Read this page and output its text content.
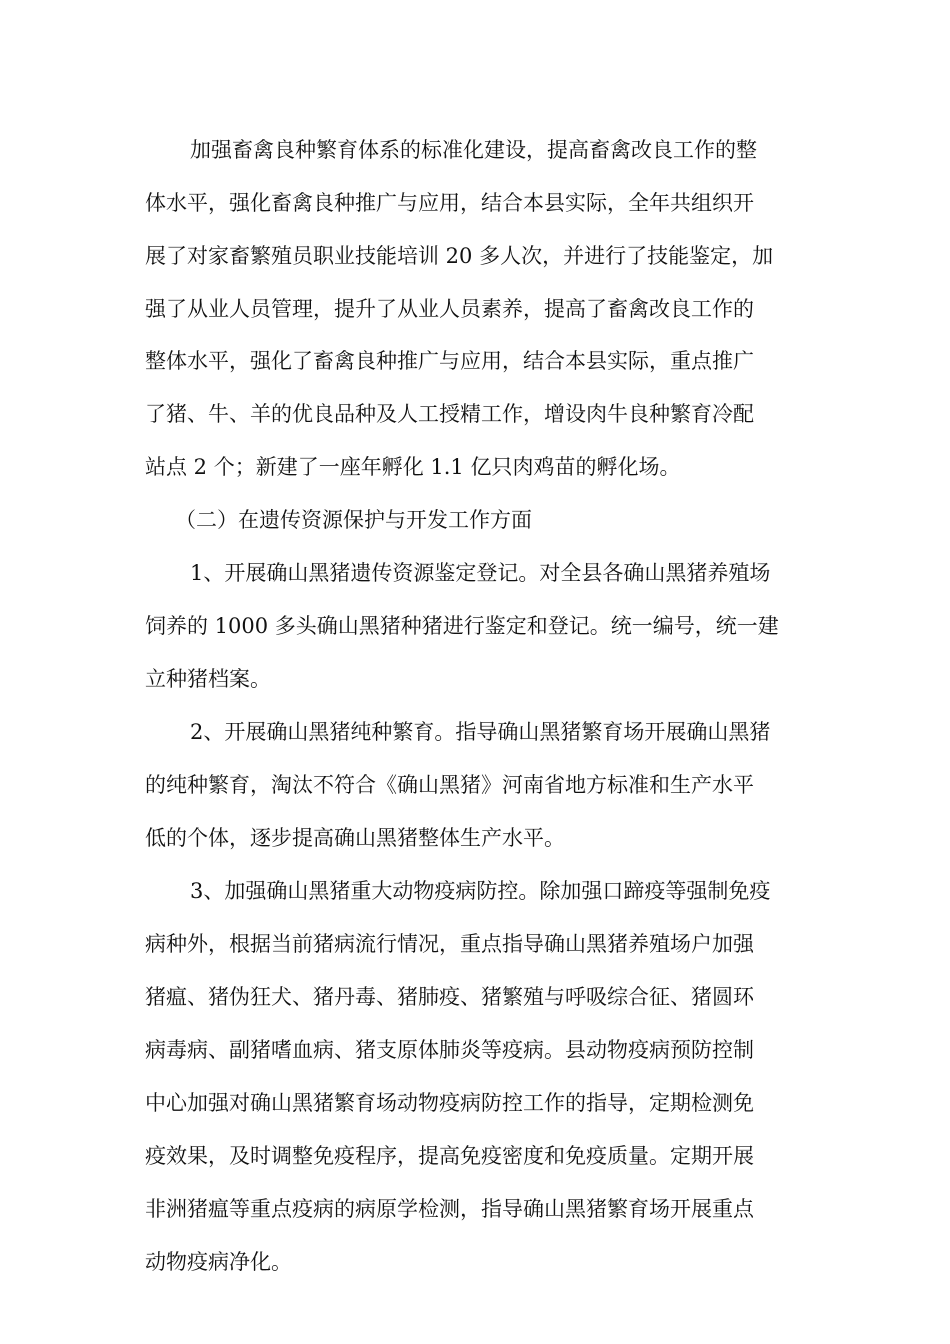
加强畜禽良种繁育体系的标准化建设，提高畜禽改良工作的整
体水平，强化畜禽良种推广与应用，结合本县实际，全年共组织开
展了对家畜繁殖员职业技能培训 20 多人次，并进行了技能鉴定，加
强了从业人员管理，提升了从业人员素养，提高了畜禽改良工作的
整体水平，强化了畜禽良种推广与应用，结合本县实际，重点推广
了猪、牛、羊的优良品种及人工授精工作，增设肉牛良种繁育冷配
站点 2 个；新建了一座年孵化 1.1 亿只肉鸡苗的孵化场。
（二）在遗传资源保护与开发工作方面
1、开展确山黑猪遗传资源鉴定登记。对全县各确山黑猪养殖场
饲养的 1000 多头确山黑猪种猪进行鉴定和登记。统一编号，统一建
立种猪档案。
2、开展确山黑猪纯种繁育。指导确山黑猪繁育场开展确山黑猪
的纯种繁育，淘汰不符合《确山黑猪》河南省地方标准和生产水平
低的个体，逐步提高确山黑猪整体生产水平。
3、加强确山黑猪重大动物疫病防控。除加强口蹄疫等强制免疫
病种外，根据当前猪病流行情况，重点指导确山黑猪养殖场户加强
猪瘟、猪伪狂犬、猪丹毒、猪肺疫、猪繁殖与呼吸综合征、猪圆环
病毒病、副猪嗜血病、猪支原体肺炎等疫病。县动物疫病预防控制
中心加强对确山黑猪繁育场动物疫病防控工作的指导，定期检测免
疫效果，及时调整免疫程序，提高免疫密度和免疫质量。定期开展
非洲猪瘟等重点疫病的病原学检测，指导确山黑猪繁育场开展重点
动物疫病净化。
